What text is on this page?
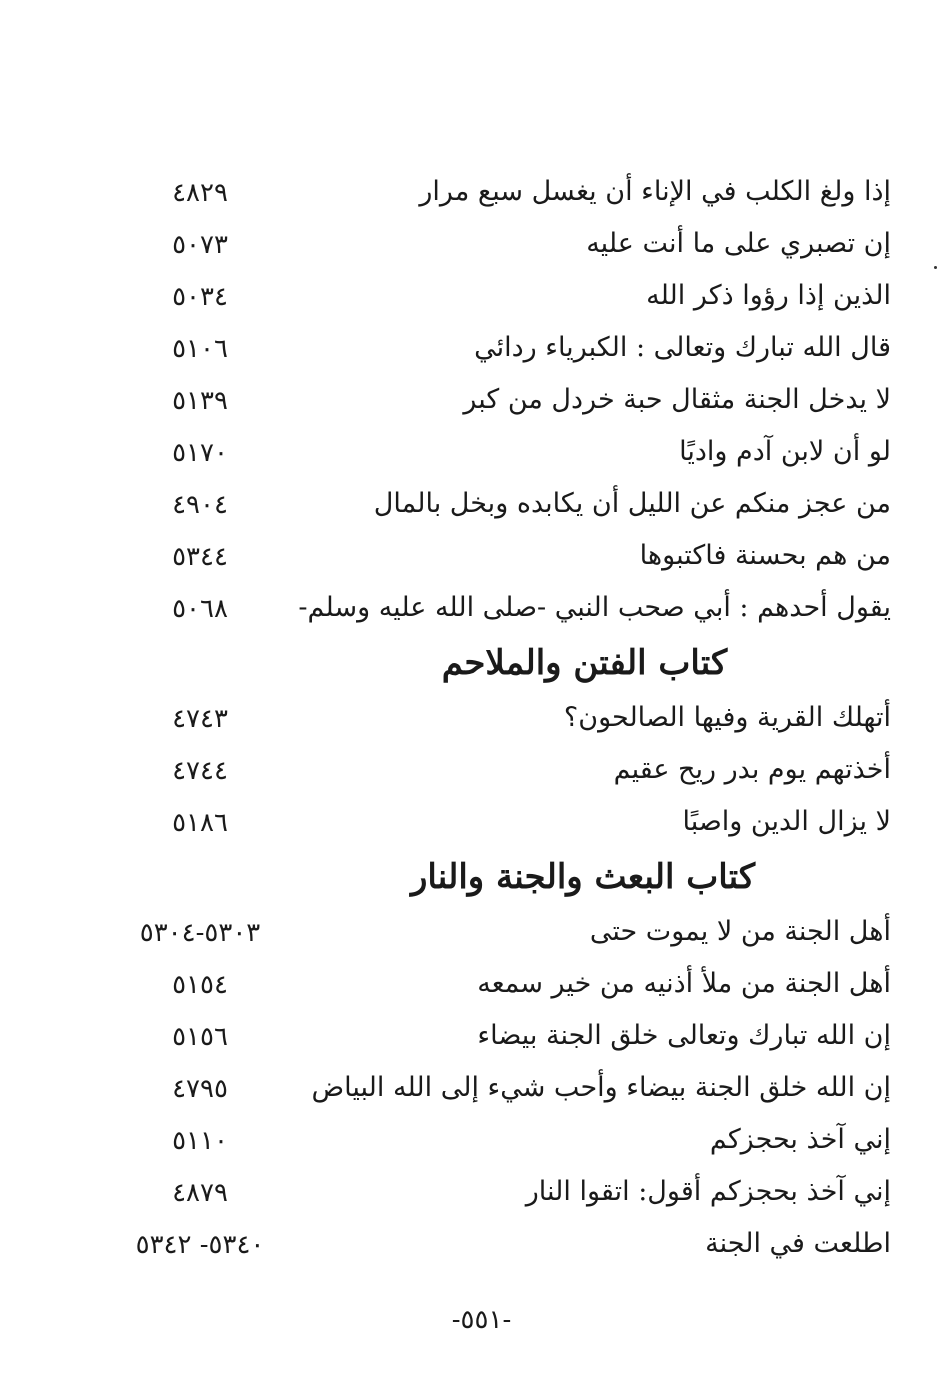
إذا ولغ الكلب في الإناء أن يغسل سبع مرار
٤٨٢٩
إن تصبري على ما أنت عليه
٥٠٧٣
الذين إذا رؤوا ذكر الله
٥٠٣٤
قال الله تبارك وتعالى : الكبرياء ردائي
٥١٠٦
لا يدخل الجنة مثقال حبة خردل من كبر
٥١٣٩
لو أن لابن آدم واديًا
٥١٧٠
من عجز منكم عن الليل أن يكابده وبخل بالمال
٤٩٠٤
من هم بحسنة فاكتبوها
٥٣٤٤
يقول أحدهم : أبي صحب النبي -صلى الله عليه وسلم-
٥٠٦٨
كتاب الفتن والملاحم
أتهلك القرية وفيها الصالحون؟
٤٧٤٣
أخذتهم يوم بدر ريح عقيم
٤٧٤٤
لا يزال الدين واصبًا
٥١٨٦
كتاب البعث والجنة والنار
أهل الجنة من لا يموت حتى
٥٣٠٣-٥٣٠٤
أهل الجنة من ملأ أذنيه من خير سمعه
٥١٥٤
إن الله تبارك وتعالى خلق الجنة بيضاء
٥١٥٦
إن الله خلق الجنة بيضاء وأحب شيء إلى الله البياض
٤٧٩٥
إني آخذ بحجزكم
٥١١٠
إني آخذ بحجزكم أقول: اتقوا النار
٤٨٧٩
اطلعت في الجنة
٥٣٤٠- ٥٣٤٢
-٥٥١-
